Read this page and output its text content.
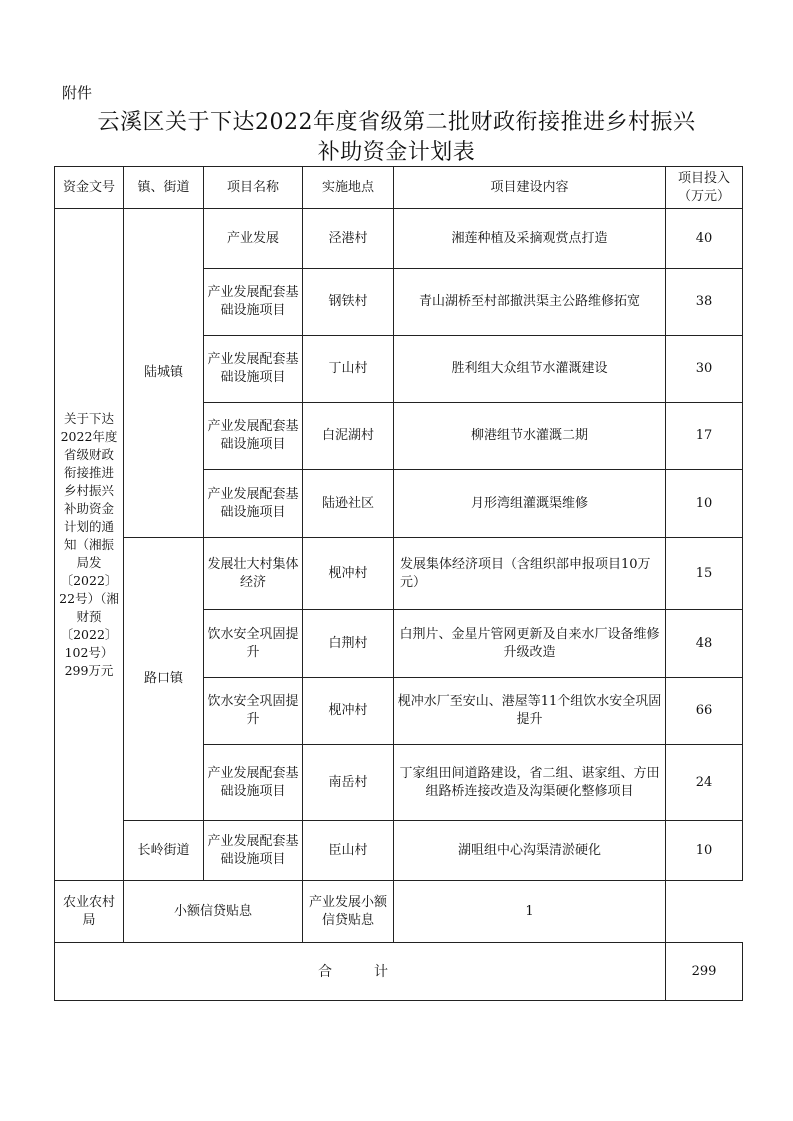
附件
云溪区关于下达2022年度省级第二批财政衔接推进乡村振兴
补助资金计划表
资金文号	镇、街道	项目名称	实施地点	项目建设内容	项目投入（万元）
关于下达2022年度省级财政衔接推进乡村振兴补助资金计划的通知（湘振局发〔2022〕22号）（湘财预〔2022〕102号）299万元	陆城镇	产业发展	泾港村	湘莲种植及采摘观赏点打造	40
		产业发展配套基础设施项目	钢铁村	青山湖桥至村部撤洪渠主公路维修拓宽	38
		产业发展配套基础设施项目	丁山村	胜利组大众组节水灌溉建设	30
		产业发展配套基础设施项目	白泥湖村	柳港组节水灌溉二期	17
		产业发展配套基础设施项目	陆逊社区	月形湾组灌溉渠维修	10
	路口镇	发展壮大村集体经济	枧冲村	发展集体经济项目（含组织部申报项目10万元）	15
		饮水安全巩固提升	白荆村	白荆片、金星片管网更新及自来水厂设备维修升级改造	48
		饮水安全巩固提升	枧冲村	枧冲水厂至安山、港屋等11个组饮水安全巩固提升	66
		产业发展配套基础设施项目	南岳村	丁家组田间道路建设，省二组、谌家组、方田组路桥连接改造及沟渠硬化整修项目	24
	长岭街道	产业发展配套基础设施项目	臣山村	湖咀组中心沟渠清淤硬化	10
农业农村局	小额信贷贴息		产业发展小额信贷贴息	1	
合　计					299
